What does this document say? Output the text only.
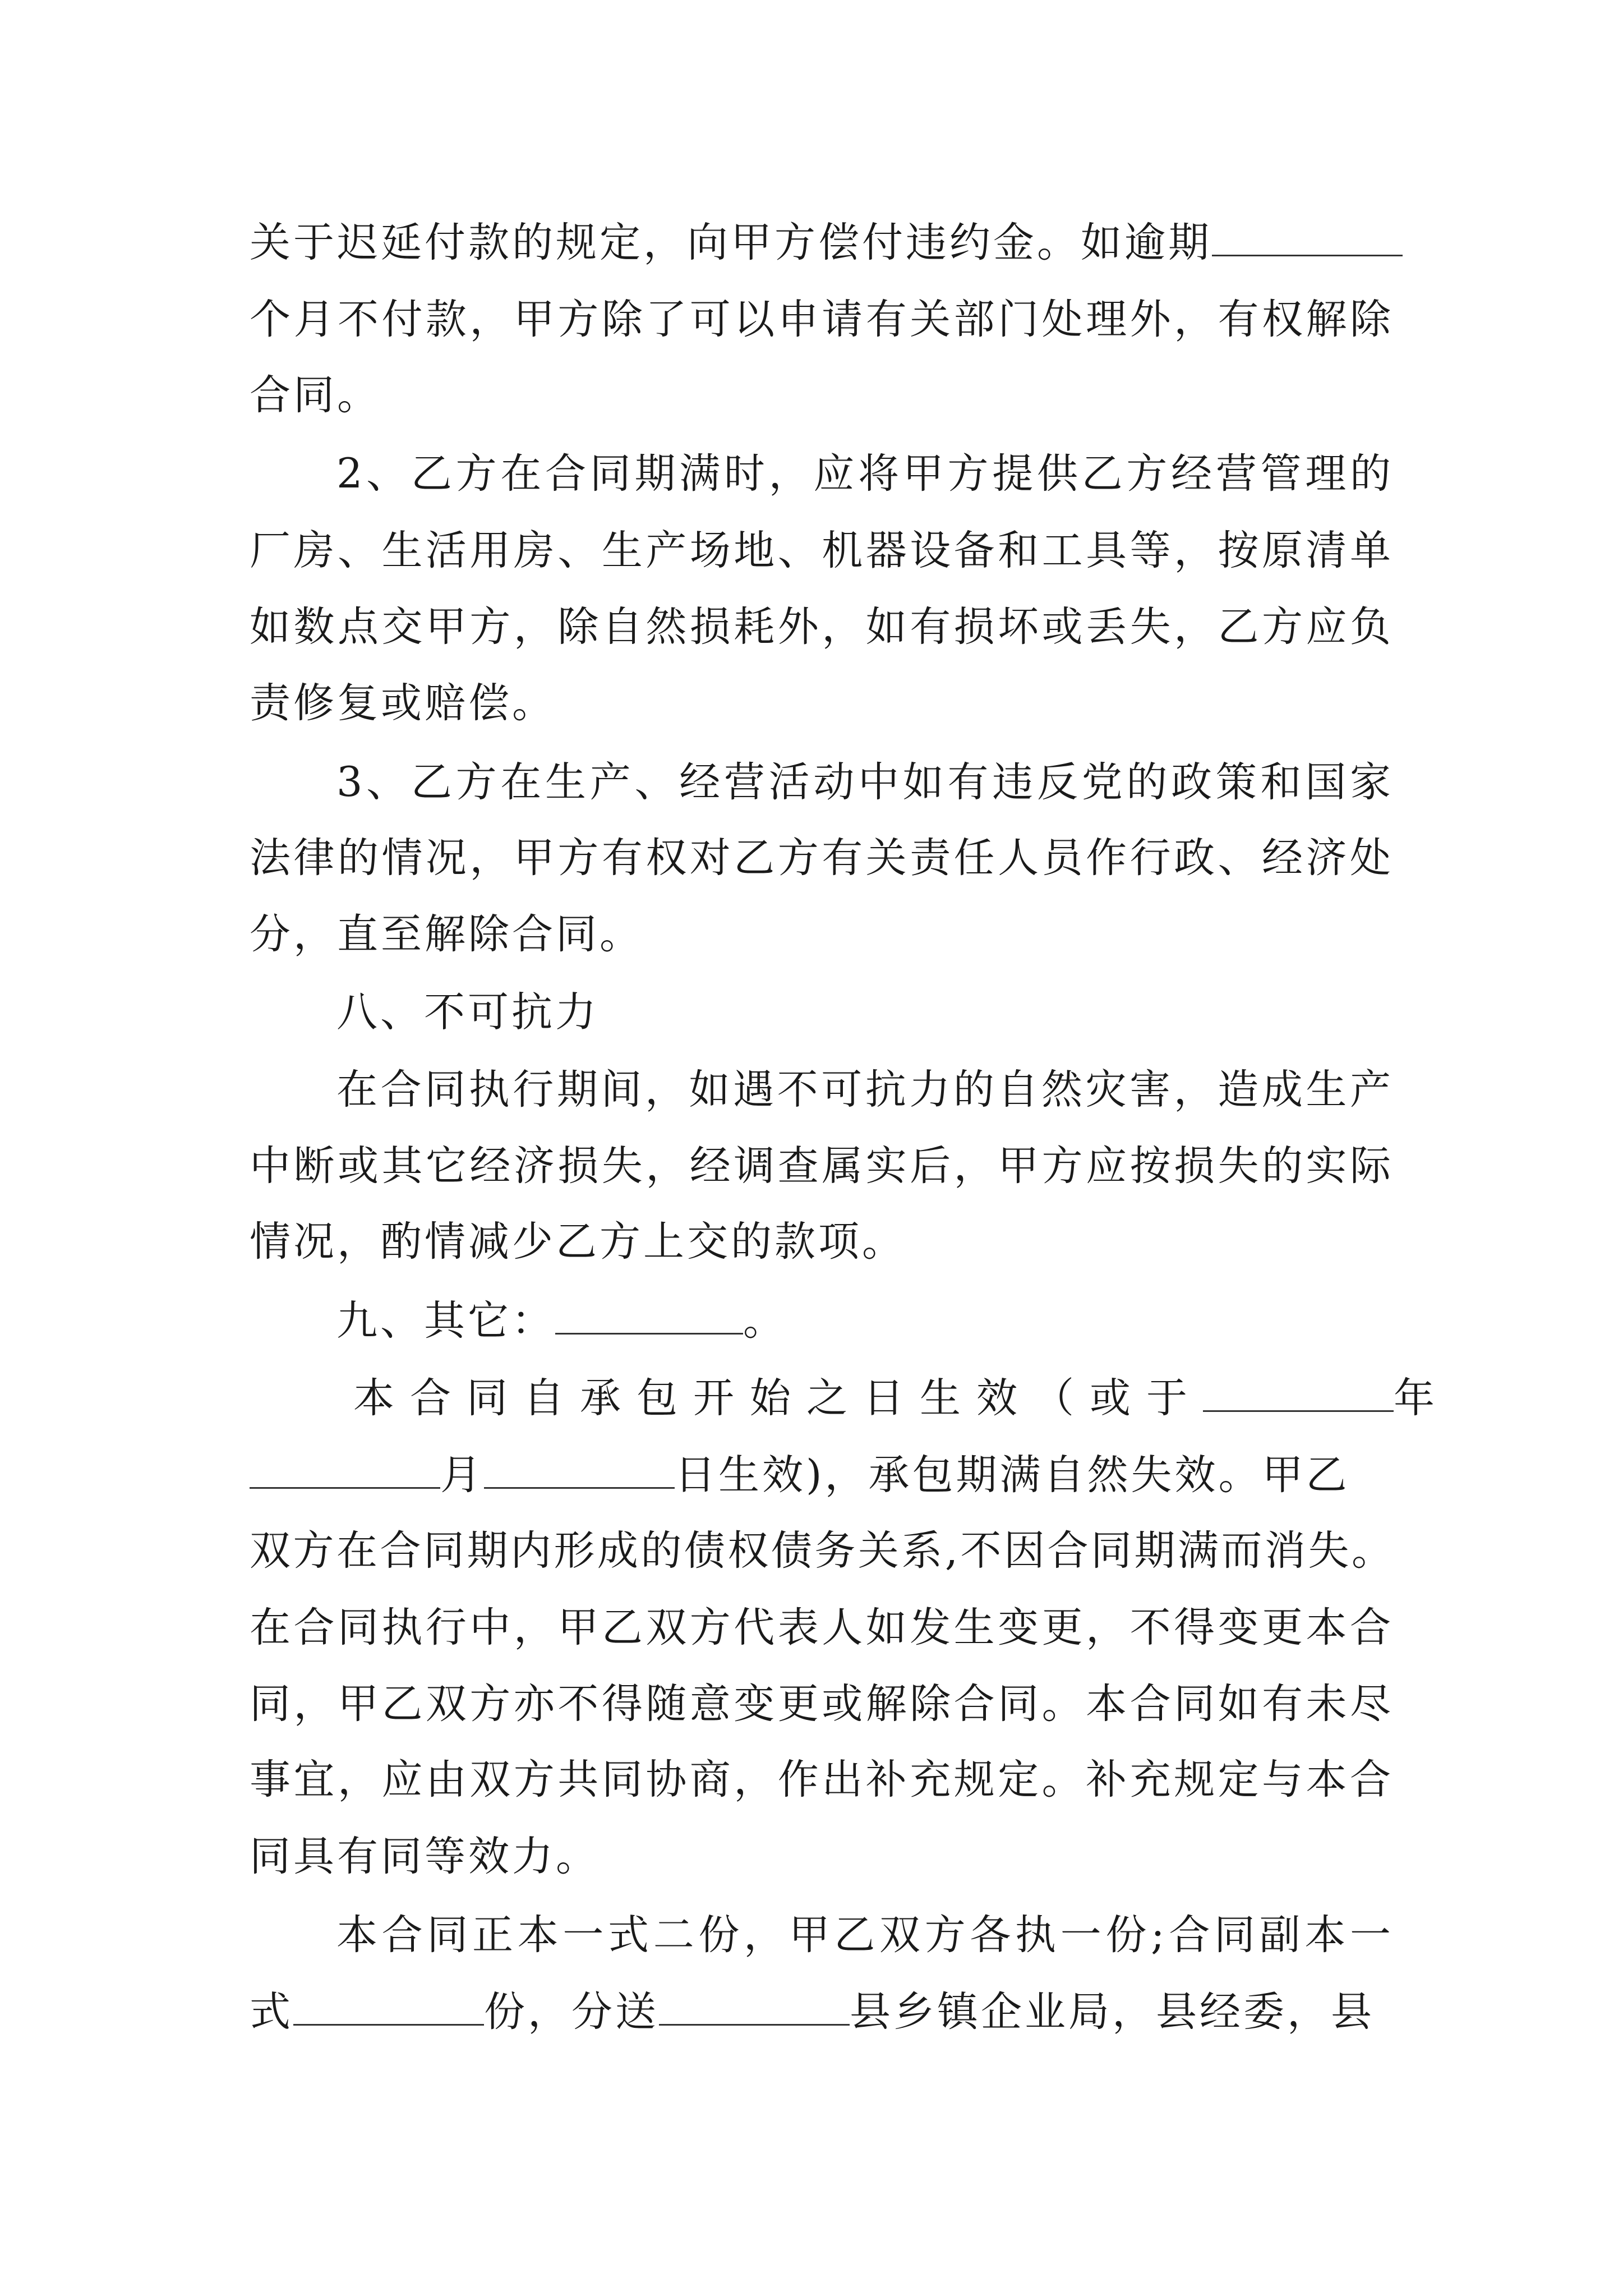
关于迟延付款的规定，向甲方偿付违约金。如逾期
个月不付款，甲方除了可以申请有关部门处理外，有权解除
合同。
2、乙方在合同期满时，应将甲方提供乙方经营管理的
厂房、生活用房、生产场地、机器设备和工具等，按原清单
如数点交甲方，除自然损耗外，如有损坏或丢失，乙方应负
责修复或赔偿。
3、乙方在生产、经营活动中如有违反党的政策和国家
法律的情况，甲方有权对乙方有关责任人员作行政、经济处
分，直至解除合同。
八、不可抗力
在合同执行期间，如遇不可抗力的自然灾害，造成生产
中断或其它经济损失，经调查属实后，甲方应按损失的实际
情况，酌情减少乙方上交的款项。
九、其它：	。
本合同自承包开始之日生效（或于	年
月	日生效)，承包期满自然失效。甲乙
双方在合同期内形成的债权债务关系,不因合同期满而消失。
在合同执行中，甲乙双方代表人如发生变更，不得变更本合
同，甲乙双方亦不得随意变更或解除合同。本合同如有未尽
事宜，应由双方共同协商，作出补充规定。补充规定与本合
同具有同等效力。
本合同正本一式二份，甲乙双方各执一份;合同副本一
式	份，分送	县乡镇企业局，县经委，县
